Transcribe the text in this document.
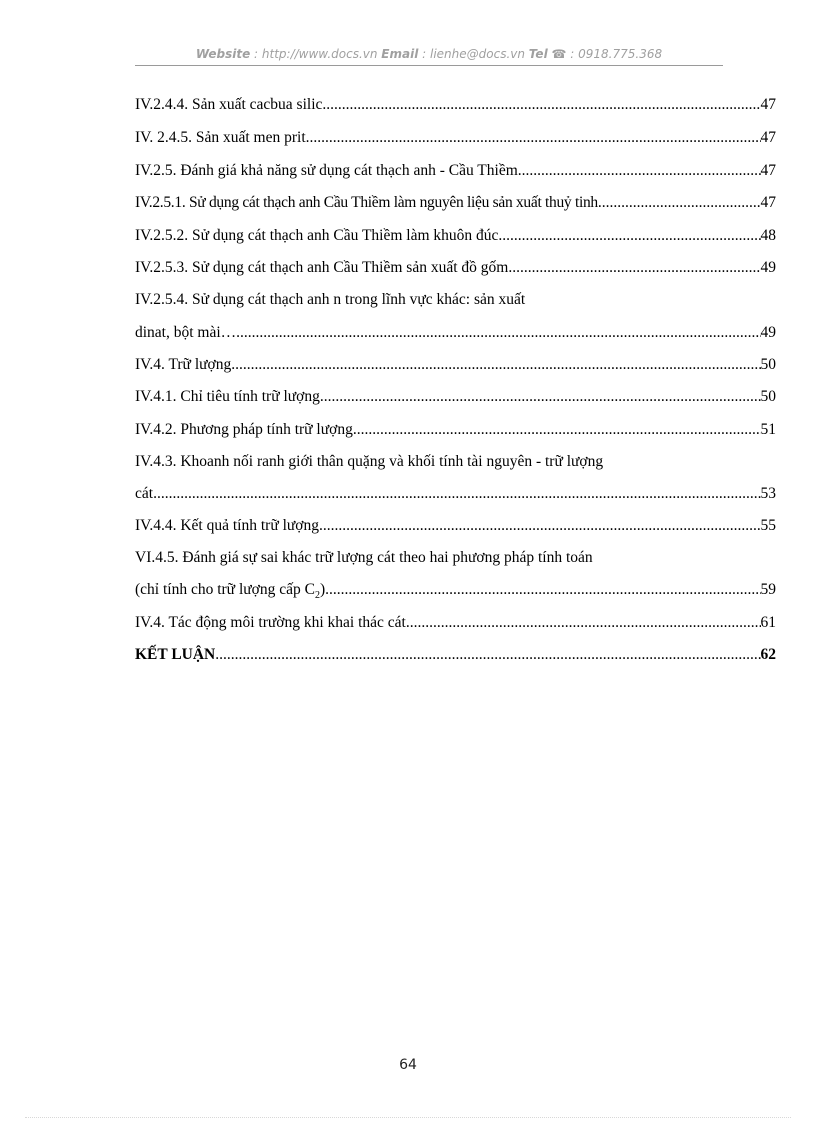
Website : http://www.docs.vn Email : lienhe@docs.vn Tel ☎ : 0918.775.368
IV.2.4.4. Sản xuất cacbua silic .....	47
IV. 2.4.5. Sản xuất men prit .....	47
IV.2.5. Đánh giá khả năng sử dụng cát thạch anh - Cầu Thiềm .....	47
IV.2.5.1. Sử dụng cát thạch anh Cầu Thiềm làm nguyên liệu sản xuất thuỷ tinh .....	47
IV.2.5.2. Sử dụng cát thạch anh Cầu Thiềm làm khuôn đúc .....	48
IV.2.5.3. Sử dụng cát thạch anh Cầu Thiềm sản xuất đồ gốm .....	49
IV.2.5.4. Sử dụng cát thạch anh n trong lĩnh vực khác: sản xuất
dinat, bột mài… .....	49
IV.4. Trữ lượng .....	50
IV.4.1. Chỉ tiêu tính trữ lượng .....	50
IV.4.2. Phương pháp tính trữ lượng .....	51
IV.4.3. Khoanh nối ranh giới thân quặng và khối tính tài nguyên - trữ lượng
cát .....	53
IV.4.4. Kết quả tính trữ lượng .....	55
VI.4.5. Đánh giá sự sai khác trữ lượng cát theo hai phương pháp tính toán
(chỉ tính cho trữ lượng cấp $C_2$) .....	59
IV.4. Tác động môi trường khi khai thác cát .....	61
KẾT LUẬN .....	62
64
